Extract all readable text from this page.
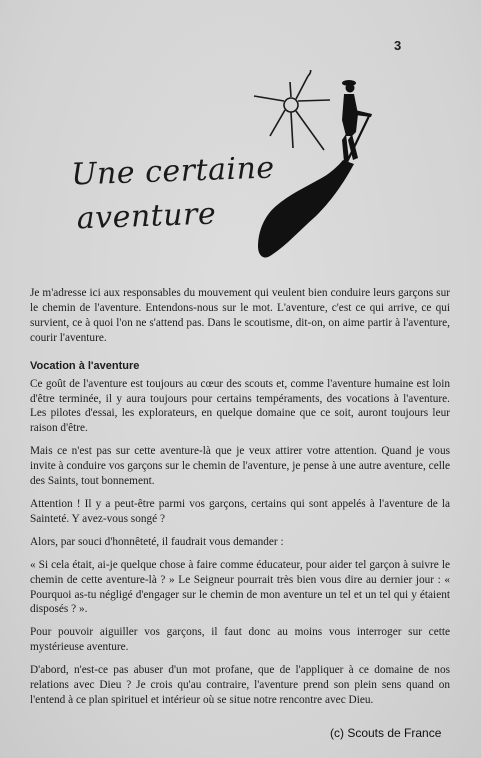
3
Une certaine
aventure

Je m'adresse ici aux responsables du mouvement qui veulent bien conduire leurs garçons sur le chemin de l'aventure. Entendons-nous sur le mot. L'aventure, c'est ce qui arrive, ce qui survient, ce à quoi l'on ne s'attend pas. Dans le scoutisme, dit-on, on aime partir à l'aventure, courir l'aventure.

Vocation à l'aventure

Ce goût de l'aventure est toujours au cœur des scouts et, comme l'aventure humaine est loin d'être terminée, il y aura toujours pour certains tempéraments, des vocations à l'aventure. Les pilotes d'essai, les explorateurs, en quelque domaine que ce soit, auront toujours leur raison d'être.

Mais ce n'est pas sur cette aventure-là que je veux attirer votre attention. Quand je vous invite à conduire vos garçons sur le chemin de l'aventure, je pense à une autre aventure, celle des Saints, tout bonnement.

Attention ! Il y a peut-être parmi vos garçons, certains qui sont appelés à l'aventure de la Sainteté. Y avez-vous songé ?

Alors, par souci d'honnêteté, il faudrait vous demander :

« Si cela était, ai-je quelque chose à faire comme éducateur, pour aider tel garçon à suivre le chemin de cette aventure-là ? » Le Seigneur pourrait très bien vous dire au dernier jour : « Pourquoi as-tu négligé d'engager sur le chemin de mon aventure un tel et un tel qui y étaient disposés ? ».

Pour pouvoir aiguiller vos garçons, il faut donc au moins vous interroger sur cette mystérieuse aventure.

D'abord, n'est-ce pas abuser d'un mot profane, que de l'appliquer à ce domaine de nos relations avec Dieu ? Je crois qu'au contraire, l'aventure prend son plein sens quand on l'entend à ce plan spirituel et intérieur où se situe notre rencontre avec Dieu.

(c) Scouts de France
